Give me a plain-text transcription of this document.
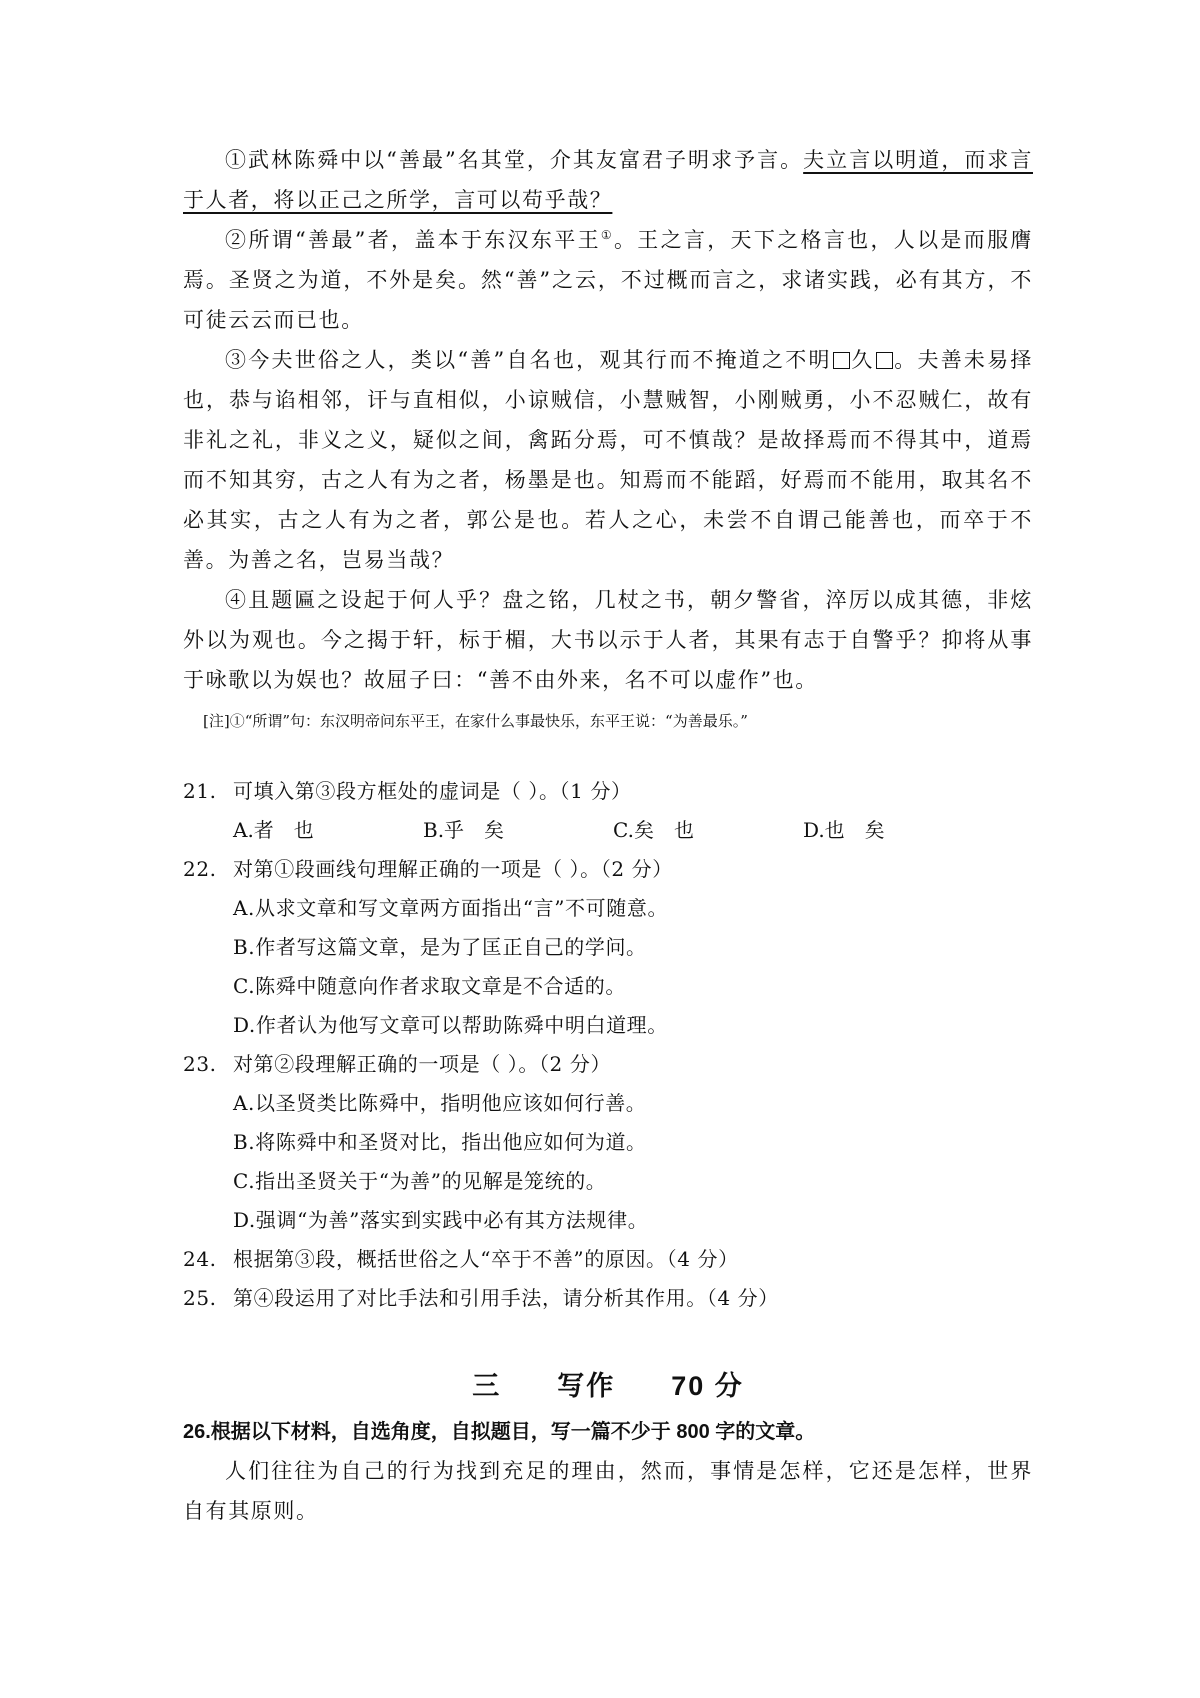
①武林陈舜中以“善最”名其堂，介其友富君子明求予言。夫立言以明道，而求言于人者，将以正己之所学，言可以苟乎哉？

②所谓“善最”者，盖本于东汉东平王①。王之言，天下之格言也，人以是而服膺焉。圣贤之为道，不外是矣。然“善”之云，不过概而言之，求诸实践，必有其方，不可徒云云而已也。

③今夫世俗之人，类以“善”自名也，观其行而不掩道之不明 久 。夫善未易择也，恭与谄相邻，讦与直相似，小谅贼信，小慧贼智，小刚贼勇，小不忍贼仁，故有非礼之礼，非义之义，疑似之间，禽跖分焉，可不慎哉？是故择焉而不得其中，道焉而不知其穷，古之人有为之者，杨墨是也。知焉而不能蹈，好焉而不能用，取其名不必其实，古之人有为之者，郭公是也。若人之心，未尝不自谓己能善也，而卒于不善。为善之名，岂易当哉？

④且题匾之设起于何人乎？盘之铭，几杖之书，朝夕警省，淬厉以成其德，非炫外以为观也。今之揭于轩，标于楣，大书以示于人者，其果有志于自警乎？抑将从事于咏歌以为娱也？故屈子曰：“善不由外来，名不可以虚作”也。

[注]①“所谓”句：东汉明帝问东平王，在家什么事最快乐，东平王说：“为善最乐。”

21. 可填入第③段方框处的虚词是（ ）。（1 分）

A.者　也	B.乎　矣	C.矣　也	D.也　矣

22. 对第①段画线句理解正确的一项是（ ）。（2 分）

A.从求文章和写文章两方面指出“言”不可随意。

B.作者写这篇文章，是为了匡正自己的学问。

C.陈舜中随意向作者求取文章是不合适的。

D.作者认为他写文章可以帮助陈舜中明白道理。

23. 对第②段理解正确的一项是（ ）。（2 分）

A.以圣贤类比陈舜中，指明他应该如何行善。

B.将陈舜中和圣贤对比，指出他应如何为道。

C.指出圣贤关于“为善”的见解是笼统的。

D.强调“为善”落实到实践中必有其方法规律。

24. 根据第③段，概括世俗之人“卒于不善”的原因。（4 分）

25. 第④段运用了对比手法和引用手法，请分析其作用。（4 分）

三 写作 70 分

26.根据以下材料，自选角度，自拟题目，写一篇不少于 800 字的文章。

人们往往为自己的行为找到充足的理由，然而，事情是怎样，它还是怎样，世界自有其原则。
